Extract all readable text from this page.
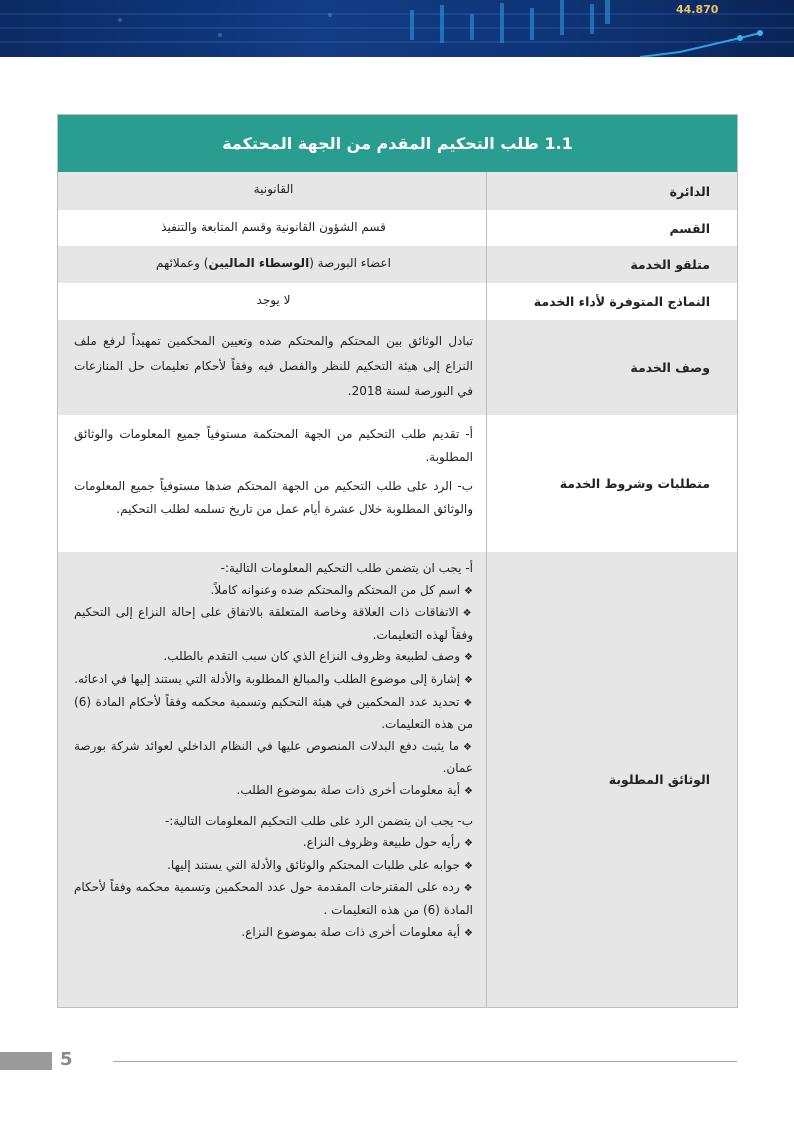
44.870
1.1 طلب التحكيم المقدم من الجهة المحتكمة
الدائرة
القانونية
القسم
قسم الشؤون القانونية وقسم المتابعة والتنفيذ
متلقو الخدمة
اعضاء البورصة (الوسطاء الماليين) وعملائهم
النماذج المتوفرة لأداء الخدمة
لا يوجد
وصف الخدمة
تبادل الوثائق بين المحتكم والمحتكم ضده وتعيين المحكمين تمهيداً لرفع ملف النزاع إلى هيئة التحكيم للنظر والفصل فيه وفقاً لأحكام تعليمات حل المنازعات في البورصة لسنة 2018.
متطلبات وشروط الخدمة

أ- تقديم طلب التحكيم من الجهة المحتكمة مستوفياً جميع المعلومات والوثائق المطلوبة.

ب- الرد على طلب التحكيم من الجهة المحتكم ضدها مستوفياً جميع المعلومات والوثائق المطلوبة خلال عشرة أيام عمل من تاريخ تسلمه لطلب التحكيم.

الوثائق المطلوبة

أ- يجب ان يتضمن طلب التحكيم المعلومات التالية:-

❖اسم كل من المحتكم والمحتكم ضده وعنوانه كاملاً.

❖الاتفاقات ذات العلاقة وخاصة المتعلقة بالاتفاق على إحالة النزاع إلى التحكيم وفقاً لهذه التعليمات.

❖وصف لطبيعة وظروف النزاع الذي كان سبب التقدم بالطلب.

❖إشارة إلى موضوع الطلب والمبالغ المطلوبة والأدلة التي يستند إليها في ادعائه.

❖تحديد عدد المحكمين في هيئة التحكيم وتسمية محكمه وفقاً لأحكام المادة (6) من هذه التعليمات.

❖ما يثبت دفع البدلات المنصوص عليها في النظام الداخلي لعوائد شركة بورصة عمان.

❖أية معلومات أخرى ذات صلة بموضوع الطلب.

ب- يجب ان يتضمن الرد على طلب التحكيم المعلومات التالية:-

❖رأيه حول طبيعة وظروف النزاع.

❖جوابه على طلبات المحتكم والوثائق والأدلة التي يستند إليها.

❖رده على المقترحات المقدمة حول عدد المحكمين وتسمية محكمه وفقاً لأحكام المادة (6) من هذه التعليمات .

❖أية معلومات أخرى ذات صلة بموضوع النزاع.

5
